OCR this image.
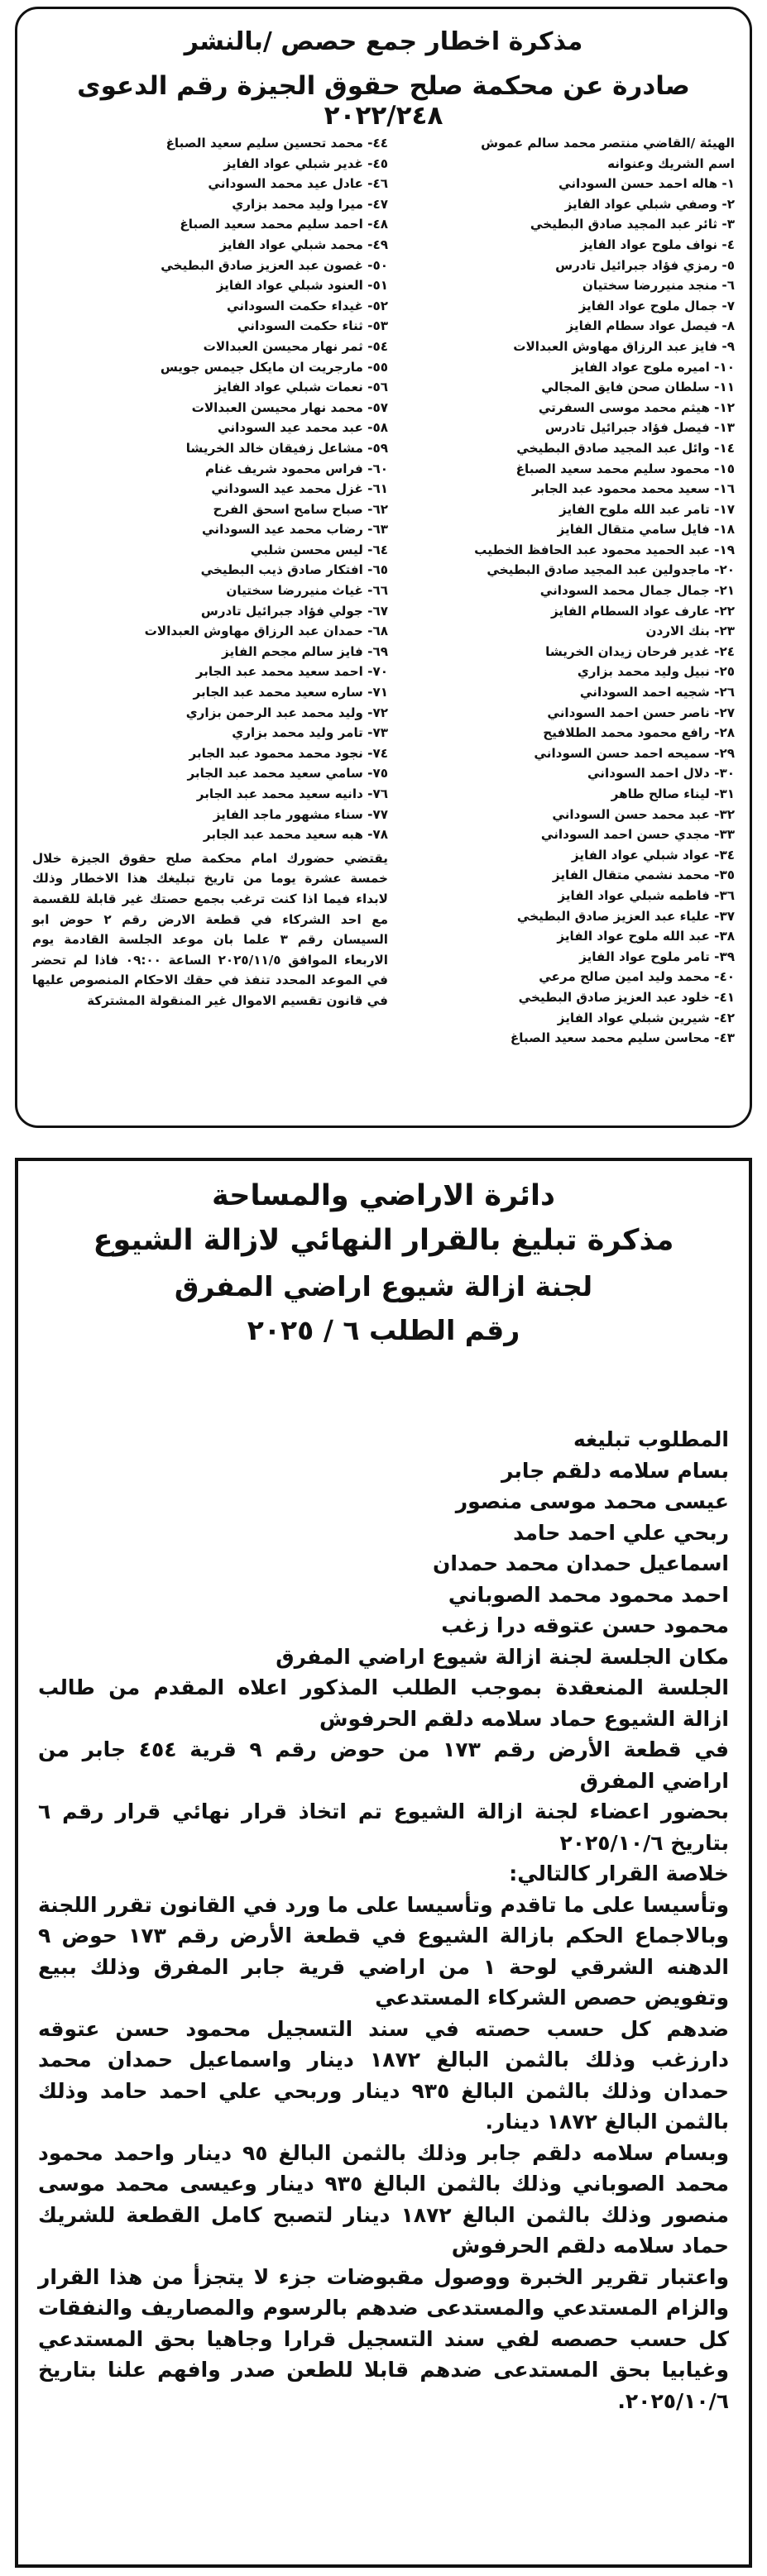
مذكرة اخطار جمع حصص /بالنشر
صادرة عن محكمة صلح حقوق الجيزة رقم الدعوى ٢٠٢٢/٢٤٨
الهيئة /القاضي منتصر محمد سالم عموش
اسم الشريك وعنوانه
١- هاله احمد حسن السوداني
٢- وصفي شبلي عواد الفايز
٣- ثائر عبد المجيد صادق البطيخي
٤- نواف ملوح عواد الفايز
٥- رمزي فؤاد جبرائيل تادرس
٦- منجد منيررضا سختيان
٧- جمال ملوح عواد الفايز
٨- فيصل عواد سطام الفايز
٩- فايز عبد الرزاق مهاوش العبدالات
١٠- اميره ملوح عواد الفايز
١١- سلطان صحن فايق المجالي
١٢- هيثم محمد موسى السفرتي
١٣- فيصل فؤاد جبرائيل تادرس
١٤- وائل عبد المجيد صادق البطيخي
١٥- محمود سليم محمد سعيد الصباغ
١٦- سعيد محمد محمود عبد الجابر
١٧- تامر عبد الله ملوح الفايز
١٨- فايل سامي متقال الفايز
١٩- عبد الحميد محمود عبد الحافظ الخطيب
٢٠- ماجدولين عبد المجيد صادق البطيخي
٢١- جمال جمال محمد السوداني
٢٢- عارف عواد السطام الفايز
٢٣- بنك الاردن
٢٤- غدير فرحان زيدان الخريشا
٢٥- نبيل وليد محمد بزاري
٢٦- شجيه احمد السوداني
٢٧- ناصر حسن احمد السوداني
٢٨- رافع محمود محمد الطلافيح
٢٩- سميحه احمد حسن السوداني
٣٠- دلال احمد السوداني
٣١- ليناء صالح طاهر
٣٢- عبد محمد حسن السوداني
٣٣- مجدي حسن احمد السوداني
٣٤- عواد شبلي عواد الفايز
٣٥- محمد نشمي متقال الفايز
٣٦- فاطمه شبلي عواد الفايز
٣٧- علياء عبد العزيز صادق البطيخي
٣٨- عبد الله ملوح عواد الفايز
٣٩- تامر ملوح عواد الفايز
٤٠- محمد وليد امين صالح مرعي
٤١- خلود عبد العزيز صادق البطيخي
٤٢- شيرين شبلي عواد الفايز
٤٣- محاسن سليم محمد سعيد الصباغ
٤٤- محمد تحسين سليم سعيد الصباغ
٤٥- غدير شبلي عواد الفايز
٤٦- عادل عيد محمد السوداني
٤٧- ميرا وليد محمد بزاري
٤٨- احمد سليم محمد سعيد الصباغ
٤٩- محمد شبلي عواد الفايز
٥٠- غصون عبد العزيز صادق البطيخي
٥١- العنود شبلي عواد الفايز
٥٢- غيداء حكمت السوداني
٥٣- ثناء حكمت السوداني
٥٤- ثمر نهار محيسن العبدالات
٥٥- مارجريت ان مايكل جيمس جويس
٥٦- نعمات شبلي عواد الفايز
٥٧- محمد نهار محيسن العبدالات
٥٨- عبد محمد عيد السوداني
٥٩- مشاعل زفيقان خالد الخريشا
٦٠- فراس محمود شريف غنام
٦١- غزل محمد عيد السوداني
٦٢- صباح سامح اسحق الفرح
٦٣- رضاب محمد عيد السوداني
٦٤- ليس محسن شلبي
٦٥- افتكار صادق ذيب البطيخي
٦٦- غياث منيررضا سختيان
٦٧- جولي فؤاد جبرائيل تادرس
٦٨- حمدان عبد الرزاق مهاوش العبدالات
٦٩- فايز سالم مجحم الفايز
٧٠- احمد سعيد محمد عبد الجابر
٧١- ساره سعيد محمد عبد الجابر
٧٢- وليد محمد عبد الرحمن بزاري
٧٣- تامر وليد محمد بزاري
٧٤- نجود محمد محمود عبد الجابر
٧٥- سامي سعيد محمد عبد الجابر
٧٦- دانيه سعيد محمد عبد الجابر
٧٧- سناء مشهور ماجد الفايز
٧٨- هبه سعيد محمد عبد الجابر
يقتضي حضورك امام محكمة صلح حقوق الجيزة خلال خمسة عشرة يوما من تاريخ تبليغك هذا الاخطار وذلك لابداء فيما اذا كنت ترغب بجمع حصتك غير قابلة للقسمة مع احد الشركاء في قطعة الارض رقم ٢ حوض ابو السيسان رقم ٣ علما بان موعد الجلسة القادمة يوم الاربعاء الموافق ٢٠٢٥/١١/٥ الساعة ٠٩:٠٠ فاذا لم تحضر في الموعد المحدد تنفذ في حقك الاحكام المنصوص عليها في قانون تقسيم الاموال غير المنقولة المشتركة
دائرة الاراضي والمساحة
مذكرة تبليغ بالقرار النهائي لازالة الشيوع
لجنة ازالة شيوع اراضي المفرق
رقم الطلب ٦ / ٢٠٢٥
المطلوب تبليغه
بسام سلامه دلقم جابر
عيسى محمد موسى منصور
ربحي علي احمد حامد
اسماعيل حمدان محمد حمدان
احمد محمود محمد الصوباني
محمود حسن عتوقه درا زغب
مكان الجلسة لجنة ازالة شيوع اراضي المفرق
الجلسة المنعقدة بموجب الطلب المذكور اعلاه المقدم من طالب ازالة الشيوع حماد سلامه دلقم الحرفوش
في قطعة الأرض رقم ١٧٣ من حوض رقم ٩ قرية ٤٥٤ جابر من اراضي المفرق
بحضور اعضاء لجنة ازالة الشيوع تم اتخاذ قرار نهائي قرار رقم ٦ بتاريخ ٢٠٢٥/١٠/٦
خلاصة القرار كالتالي:
وتأسيسا على ما تاقدم وتأسيسا على ما ورد في القانون تقرر اللجنة وبالاجماع الحكم بازالة الشيوع في قطعة الأرض رقم ١٧٣ حوض ٩ الدهنه الشرقي لوحة ١ من اراضي قرية جابر المفرق وذلك ببيع وتفويض حصص الشركاء المستدعي
ضدهم كل حسب حصته في سند التسجيل محمود حسن عتوقه دارزغب وذلك بالثمن البالغ ١٨٧٢ دينار واسماعيل حمدان محمد حمدان وذلك بالثمن البالغ ٩٣٥ دينار وربحي علي احمد حامد وذلك بالثمن البالغ ١٨٧٢ دينار.
وبسام سلامه دلقم جابر وذلك بالثمن البالغ ٩٥ دينار واحمد محمود محمد الصوباني وذلك بالثمن البالغ ٩٣٥ دينار وعيسى محمد موسى منصور وذلك بالثمن البالغ ١٨٧٢ دينار لتصبح كامل القطعة للشريك حماد سلامه دلقم الحرفوش
واعتبار تقرير الخبرة ووصول مقبوضات جزء لا يتجزأ من هذا القرار والزام المستدعي والمستدعى ضدهم بالرسوم والمصاريف والنفقات كل حسب حصصه لفي سند التسجيل قرارا وجاهيا بحق المستدعي وغيابيا بحق المستدعى ضدهم قابلا للطعن صدر وافهم علنا بتاريخ ٢٠٢٥/١٠/٦.
